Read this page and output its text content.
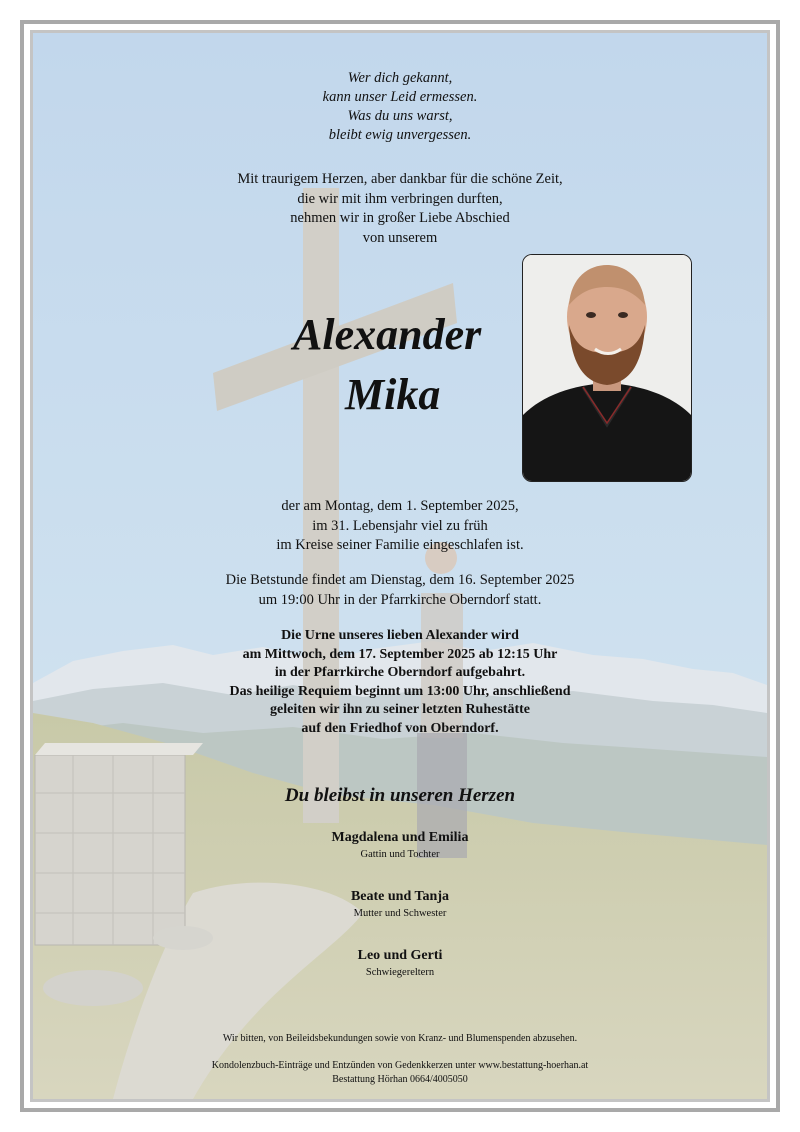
Wer dich gekannt,
kann unser Leid ermessen.
Was du uns warst,
bleibt ewig unvergessen.
Mit traurigem Herzen, aber dankbar für die schöne Zeit,
die wir mit ihm verbringen durften,
nehmen wir in großer Liebe Abschied
von unserem
Alexander
Mika
der am Montag, dem 1. September 2025,
im 31. Lebensjahr viel zu früh
im Kreise seiner Familie eingeschlafen ist.
Die Betstunde findet am Dienstag, dem 16. September 2025
um 19:00 Uhr in der Pfarrkirche Oberndorf statt.
Die Urne unseres lieben Alexander wird
am Mittwoch, dem 17. September 2025 ab 12:15 Uhr
in der Pfarrkirche Oberndorf aufgebahrt.
Das heilige Requiem beginnt um 13:00 Uhr, anschließend
geleiten wir ihn zu seiner letzten Ruhestätte
auf den Friedhof von Oberndorf.
Du bleibst in unseren Herzen
Magdalena und Emilia
Gattin und Tochter
Beate und Tanja
Mutter und Schwester
Leo und Gerti
Schwiegereltern
Wir bitten, von Beileidsbekundungen sowie von Kranz- und Blumenspenden abzusehen.
Kondolenzbuch-Einträge und Entzünden von Gedenkkerzen unter www.bestattung-hoerhan.at
Bestattung Hörhan 0664/4005050
